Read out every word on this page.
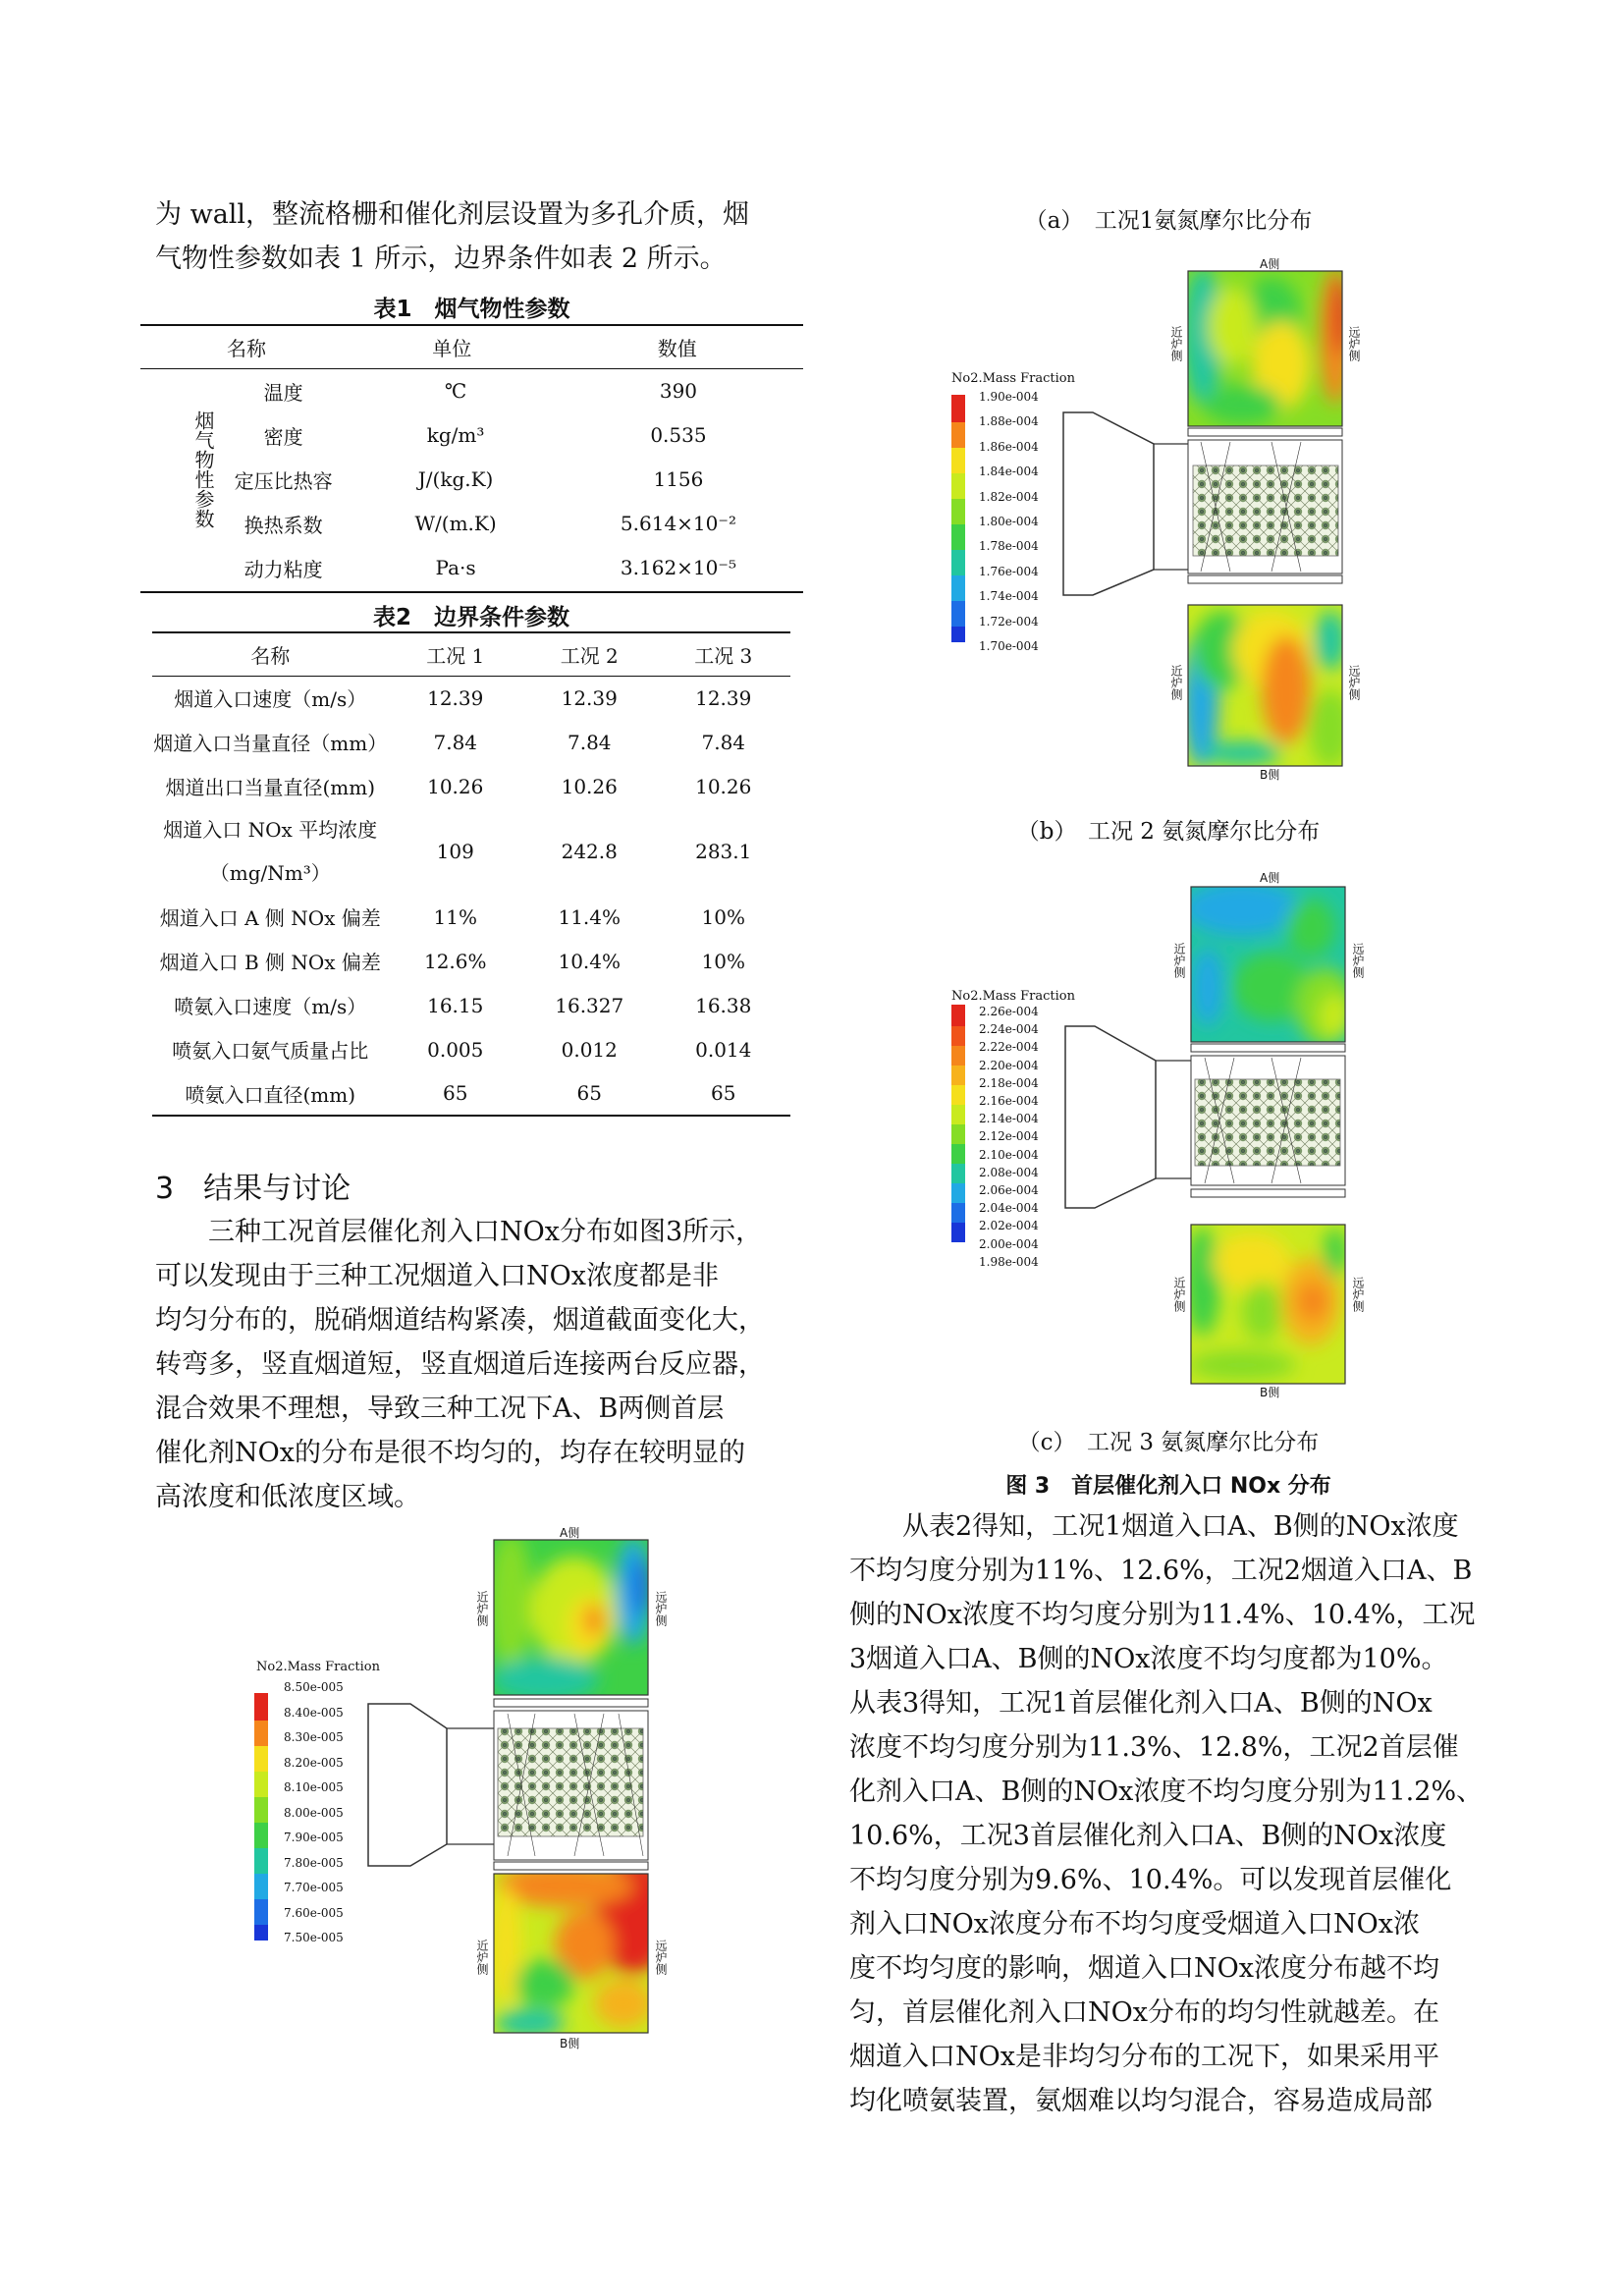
为 wall，整流格栅和催化剂层设置为多孔介质，烟

气物性参数如表 1 所示，边界条件如表 2 所示。

表1　烟气物性参数
名称	单位	数值
烟气物性参数
温度	℃	390
密度	kg/m³	0.535
定压比热容	J/(kg.K)	1156
换热系数	W/(m.K)	5.614×10⁻²
动力粘度	Pa·s	3.162×10⁻⁵
表2　边界条件参数
名称	工况 1	工况 2	工况 3
烟道入口速度（m/s）	12.39	12.39	12.39
烟道入口当量直径（mm）	7.84	7.84	7.84
烟道出口当量直径(mm)	10.26	10.26	10.26

烟道入口 NOx 平均浓度
（mg/Nm³）	109	242.8	283.1
烟道入口 A 侧 NOx 偏差	11%	11.4%	10%
烟道入口 B 侧 NOx 偏差	12.6%	10.4%	10%
喷氨入口速度（m/s）	16.15	16.327	16.38
喷氨入口氨气质量占比	0.005	0.012	0.014
喷氨入口直径(mm)	65	65	65
3　结果与讨论

三种工况首层催化剂入口NOx分布如图3所示，

可以发现由于三种工况烟道入口NOx浓度都是非

均匀分布的，脱硝烟道结构紧凑，烟道截面变化大，

转弯多，竖直烟道短，竖直烟道后连接两台反应器，

混合效果不理想，导致三种工况下A、B两侧首层

催化剂NOx的分布是很不均匀的，均存在较明显的

高浓度和低浓度区域。

A侧
B侧
近炉侧	远炉侧
近炉侧	远炉侧
No2.Mass Fraction
8.50e-005
8.40e-005
8.30e-005
8.20e-005
8.10e-005
8.00e-005
7.90e-005
7.80e-005
7.70e-005
7.60e-005
7.50e-005
（a）　工况1氨氮摩尔比分布
A侧
B侧
近炉侧	远炉侧
近炉侧	远炉侧
No2.Mass Fraction
1.90e-004
1.88e-004
1.86e-004
1.84e-004
1.82e-004
1.80e-004
1.78e-004
1.76e-004
1.74e-004
1.72e-004
1.70e-004
（b）　工况 2 氨氮摩尔比分布
A侧
B侧
近炉侧	远炉侧
近炉侧	远炉侧
No2.Mass Fraction
2.26e-004
2.24e-004
2.22e-004
2.20e-004
2.18e-004
2.16e-004
2.14e-004
2.12e-004
2.10e-004
2.08e-004
2.06e-004
2.04e-004
2.02e-004
2.00e-004
1.98e-004
（c）　工况 3 氨氮摩尔比分布
图 3　首层催化剂入口 NOx 分布

从表2得知，工况1烟道入口A、B侧的NOx浓度

不均匀度分别为11%、12.6%，工况2烟道入口A、B

侧的NOx浓度不均匀度分别为11.4%、10.4%，工况

3烟道入口A、B侧的NOx浓度不均匀度都为10%。

从表3得知，工况1首层催化剂入口A、B侧的NOx

浓度不均匀度分别为11.3%、12.8%，工况2首层催

化剂入口A、B侧的NOx浓度不均匀度分别为11.2%、

10.6%，工况3首层催化剂入口A、B侧的NOx浓度

不均匀度分别为9.6%、10.4%。可以发现首层催化

剂入口NOx浓度分布不均匀度受烟道入口NOx浓

度不均匀度的影响，烟道入口NOx浓度分布越不均

匀，首层催化剂入口NOx分布的均匀性就越差。在

烟道入口NOx是非均匀分布的工况下，如果采用平

均化喷氨装置，氨烟难以均匀混合，容易造成局部
